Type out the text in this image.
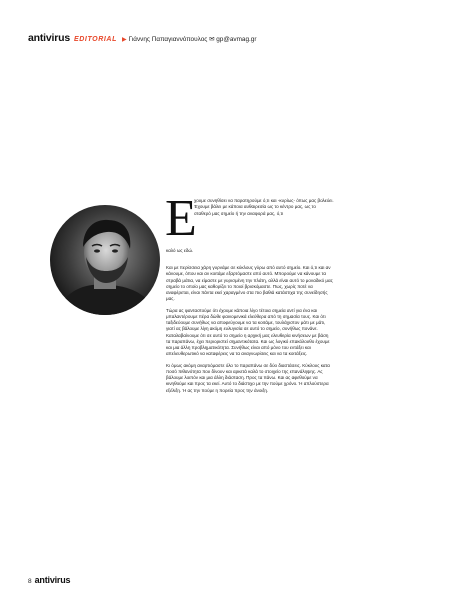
antivirus EDITORIAL ▶ Γιάννης Παπαγιαννόπουλος ✉ gp@avmag.gr
Ε

χουμε συνηθίσει να παρατηρούμε ό,τι και -κυρίως- όπως μας βολεύει. Έχουμε βάλει με κάποια αυθαιρεσία ως το κέντρο μας, ως το σταθερό μας σημείο ή την αναφορά μας, ό,τι

καλό ως εδώ.

Και με περίσσεια χάρη γυρνάμε σε κύκλους γύρω από αυτό σημείο. Και ό,τι και αν κάνουμε, όπου και αν κοιτάμε εξαρτόμαστε από αυτό. Μπορούμε να κάνουμε τα στραβά μάτια, να είμαστε με γυρισμένη την πλάτη, αλλά είναι αυτό το μοναδικό μας σημείο το οποίο μας καθορίζει το ποιοί βρισκόμαστε. Πως, χωρίς ποτέ να αναφέρεται, είναι πάντα εκεί χαραγμένο στα πιο βαθιά κατάστιχα της συνείδησής μας.

Τώρα ας φανταστούμε ότι έχουμε κάποια λίγο τέτοια σημεία αντί για ένα και μπαλαντέρουμε πέρα δώθε φαινομενικά ελεύθερα από τη σημασία τους. Και ότι ταξιδεύουμε συνήθως να αποφεύγουμε να τα κοιτάμε, τουλάχιστον μάτι με μάτι, γιατί ας βάλουμε λίγη ακόμη ευλυγισία σε αυτό το σημείο, συνήθως πονάνε. Καταλαβαίνουμε ότι σε αυτό το σημείο η αρχική μας ελευθερία κινήσεων με βάση τα παραπάνω, έχει περιοριστεί σημαντικότατα. Και ως λογικό επακόλουθο έχουμε και μια άλλη προβληματικότητα. Συνήθως είναι από μόνο του εντάξει και απελευθερωτικό να καταφέρεις να τα αναγνωρίσεις και να τα κοιτάξεις.

Κι όμως ακόμη αναρτιόμαστε όλο το παραπάνω σε δύο διαστάσεις. Κύκλους κατα ποσό πιθανότητα που δίνουν και αρκετά καλά το στοιχείο της επανάληψης. Ας βάλουμε λοιπόν και μια άλλη διάσταση. Προς τα πάνω. Και ας αφεθούμε να κινηθούμε και προς τα εκεί. Αυτό το διάστιχο με την πούμε χρόνο. Ή απλούστερα εξέλιξη. Ή ας την πούμε η πορεία προς την άνοιξη.

8 antivirus
